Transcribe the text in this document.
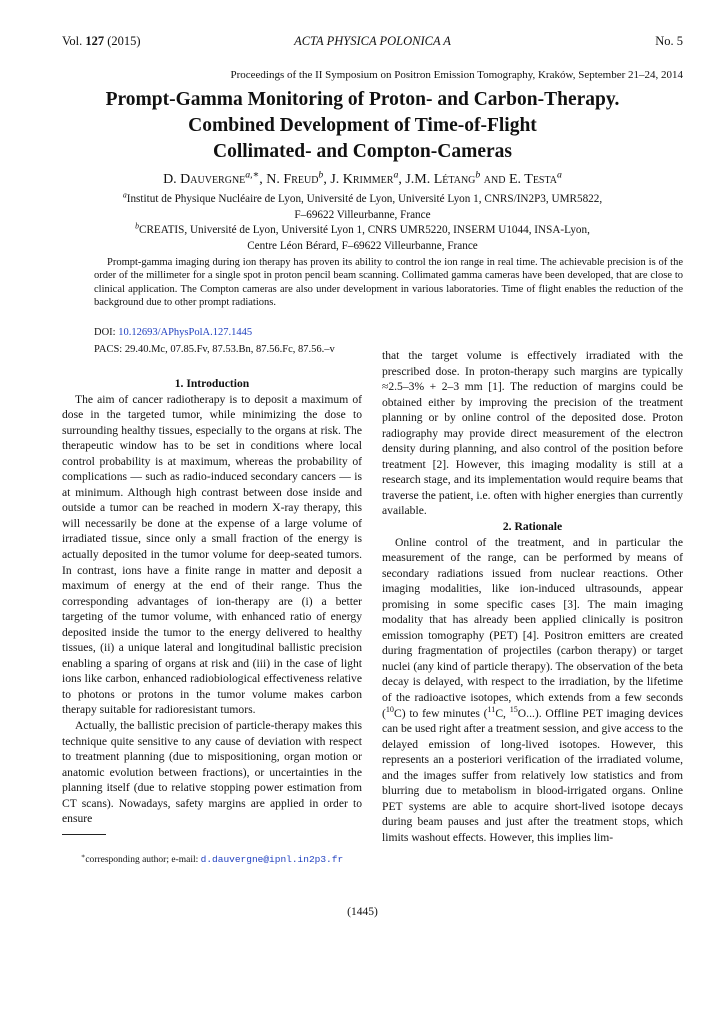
Vol. 127 (2015)	ACTA PHYSICA POLONICA A	No. 5
Proceedings of the II Symposium on Positron Emission Tomography, Kraków, September 21–24, 2014
Prompt-Gamma Monitoring of Proton- and Carbon-Therapy.
Combined Development of Time-of-Flight
Collimated- and Compton-Cameras
D. Dauvergne$^{a,∗}$, N. Freud$^b$, J. Krimmer$^a$, J.M. Létang$^b$ and E. Testa$^a$
$^a$Institut de Physique Nucléaire de Lyon, Université de Lyon, Université Lyon 1, CNRS/IN2P3, UMR5822,
F–69622 Villeurbanne, France
$^b$CREATIS, Université de Lyon, Université Lyon 1, CNRS UMR5220, INSERM U1044, INSA-Lyon,
Centre Léon Bérard, F–69622 Villeurbanne, France

Prompt-gamma imaging during ion therapy has proven its ability to control the ion range in real time. The achievable precision is of the order of the millimeter for a single spot in proton pencil beam scanning. Collimated gamma cameras have been developed, that are close to clinical application. The Compton cameras are also under development in various laboratories. Time of flight enables the reduction of the background due to other prompt radiations.

DOI: 10.12693/APhysPolA.127.1445
PACS: 29.40.Mc, 07.85.Fv, 87.53.Bn, 87.56.Fc, 87.56.–v

1. Introduction

The aim of cancer radiotherapy is to deposit a maximum of dose in the targeted tumor, while minimizing the dose to surrounding healthy tissues, especially to the organs at risk. The therapeutic window has to be set in conditions where local control probability is at maximum, whereas the probability of complications — such as radio-induced secondary cancers — is at minimum. Although high contrast between dose inside and outside a tumor can be reached in modern X-ray therapy, this will necessarily be done at the expense of a large volume of irradiated tissue, since only a small fraction of the energy is actually deposited in the tumor volume for deep-seated tumors. In contrast, ions have a finite range in matter and deposit a maximum of energy at the end of their range. Thus the corresponding advantages of ion-therapy are (i) a better targeting of the tumor volume, with enhanced ratio of energy deposited inside the tumor to the energy delivered to healthy tissues, (ii) a unique lateral and longitudinal ballistic precision enabling a sparing of organs at risk and (iii) in the case of light ions like carbon, enhanced radiobiological effectiveness relative to photons or protons in the tumor volume makes carbon therapy suitable for radioresistant tumors.

Actually, the ballistic precision of particle-therapy makes this technique quite sensitive to any cause of deviation with respect to treatment planning (due to mispositioning, organ motion or anatomic evolution between fractions), or uncertainties in the planning itself (due to relative stopping power estimation from CT scans). Nowadays, safety margins are applied in order to ensure

that the target volume is effectively irradiated with the prescribed dose. In proton-therapy such margins are typically ≈2.5–3% + 2–3 mm [1]. The reduction of margins could be obtained either by improving the precision of the treatment planning or by online control of the deposited dose. Proton radiography may provide direct measurement of the electron density during planning, and also control of the position before treatment [2]. However, this imaging modality is still at a research stage, and its implementation would require beams that traverse the patient, i.e. often with higher energies than currently available.

2. Rationale

Online control of the treatment, and in particular the measurement of the range, can be performed by means of secondary radiations issued from nuclear reactions. Other imaging modalities, like ion-induced ultrasounds, appear promising in some specific cases [3]. The main imaging modality that has already been applied clinically is positron emission tomography (PET) [4]. Positron emitters are created during fragmentation of projectiles (carbon therapy) or target nuclei (any kind of particle therapy). The observation of the beta decay is delayed, with respect to the irradiation, by the lifetime of the radioactive isotopes, which extends from a few seconds ($^{10}$C) to few minutes ($^{11}$C, $^{15}$O...). Offline PET imaging devices can be used right after a treatment session, and give access to the delayed emission of long-lived isotopes. However, this represents an a posteriori verification of the irradiated volume, and the images suffer from relatively low statistics and from blurring due to metabolism in blood-irrigated organs. Online PET systems are able to acquire short-lived isotope decays during beam pauses and just after the treatment stops, which limits washout effects. However, this implies lim-

∗corresponding author; e-mail: d.dauvergne@ipnl.in2p3.fr
(1445)
